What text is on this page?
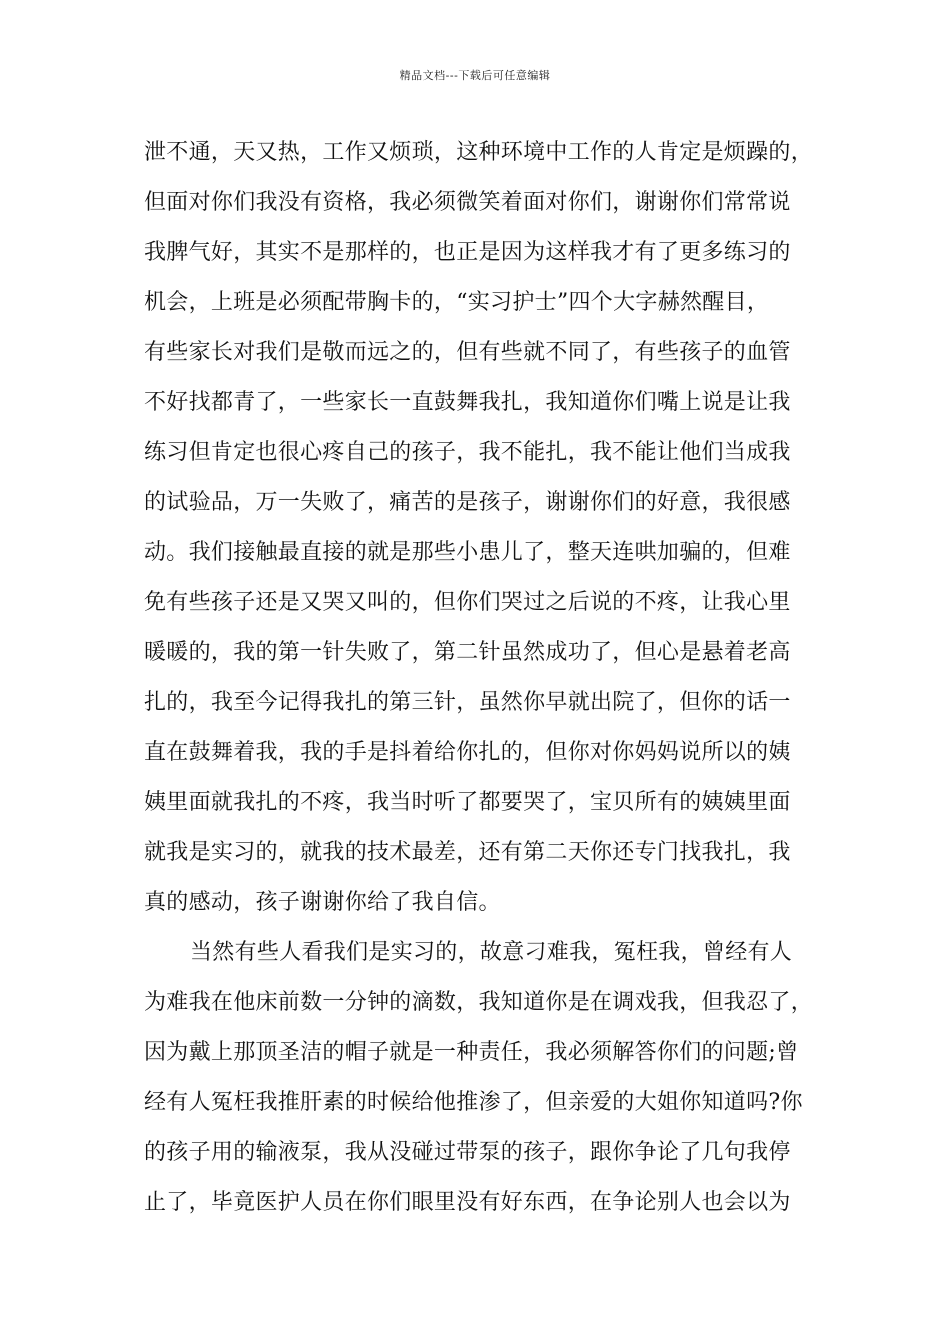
精品文档---下载后可任意编辑
泄不通，天又热，工作又烦琐，这种环境中工作的人肯定是烦躁的，
但面对你们我没有资格，我必须微笑着面对你们，谢谢你们常常说
我脾气好，其实不是那样的，也正是因为这样我才有了更多练习的
机会，上班是必须配带胸卡的，“实习护士”四个大字赫然醒目，
有些家长对我们是敬而远之的，但有些就不同了，有些孩子的血管
不好找都青了，一些家长一直鼓舞我扎，我知道你们嘴上说是让我
练习但肯定也很心疼自己的孩子，我不能扎，我不能让他们当成我
的试验品，万一失败了，痛苦的是孩子，谢谢你们的好意，我很感
动。我们接触最直接的就是那些小患儿了，整天连哄加骗的，但难
免有些孩子还是又哭又叫的，但你们哭过之后说的不疼，让我心里
暖暖的，我的第一针失败了，第二针虽然成功了，但心是悬着老高
扎的，我至今记得我扎的第三针，虽然你早就出院了，但你的话一
直在鼓舞着我，我的手是抖着给你扎的，但你对你妈妈说所以的姨
姨里面就我扎的不疼，我当时听了都要哭了，宝贝所有的姨姨里面
就我是实习的，就我的技术最差，还有第二天你还专门找我扎，我
真的感动，孩子谢谢你给了我自信。
当然有些人看我们是实习的，故意刁难我，冤枉我，曾经有人
为难我在他床前数一分钟的滴数，我知道你是在调戏我，但我忍了，
因为戴上那顶圣洁的帽子就是一种责任，我必须解答你们的问题;曾
经有人冤枉我推肝素的时候给他推渗了，但亲爱的大姐你知道吗?你
的孩子用的输液泵，我从没碰过带泵的孩子，跟你争论了几句我停
止了，毕竟医护人员在你们眼里没有好东西，在争论别人也会以为
